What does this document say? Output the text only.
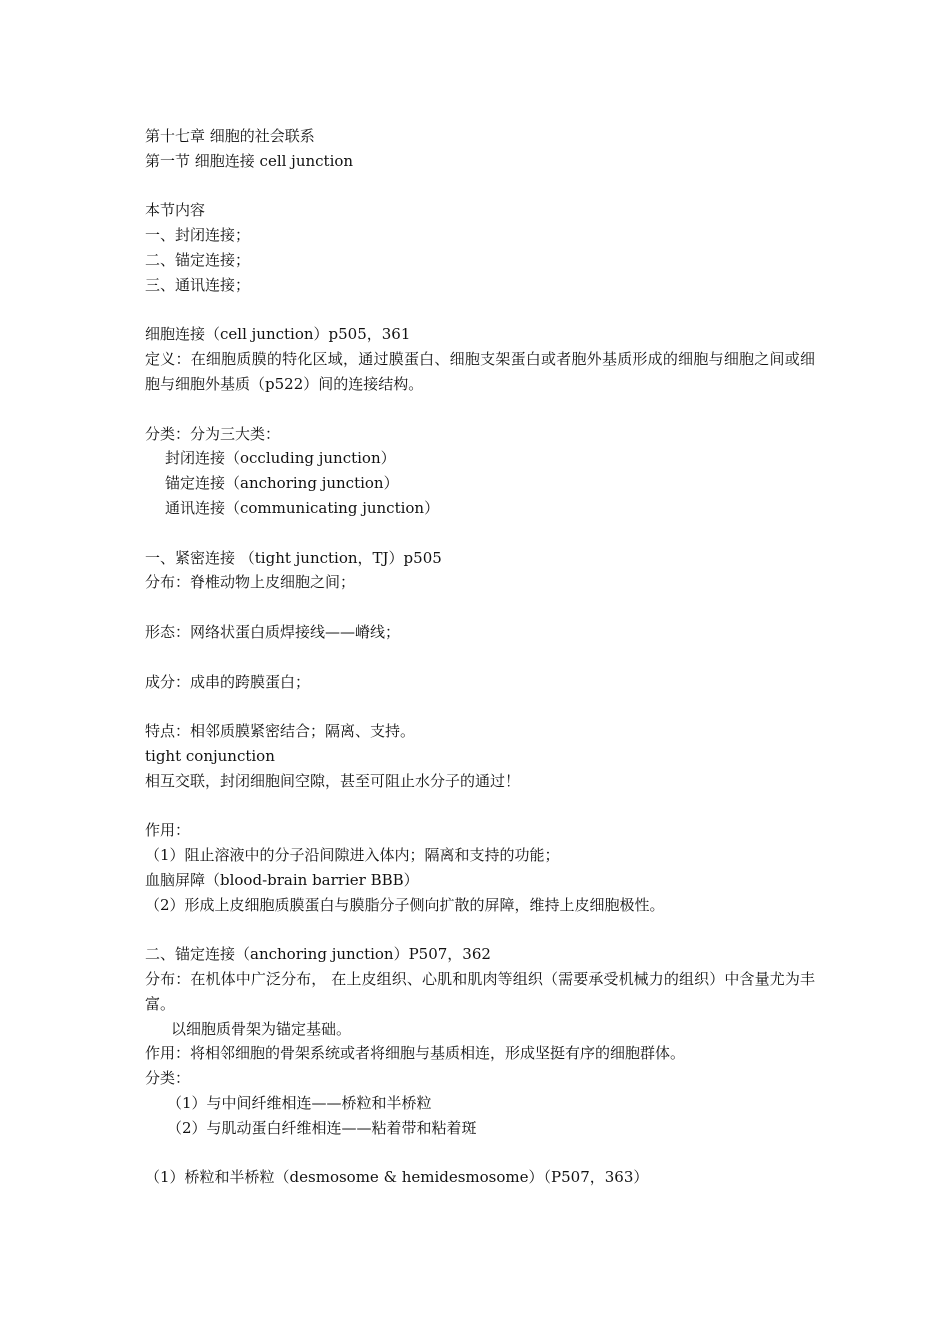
第十七章 细胞的社会联系
第一节 细胞连接 cell junction
本节内容
一、封闭连接；
二、锚定连接；
三、通讯连接；
细胞连接（cell junction）p505，361
定义：在细胞质膜的特化区域，通过膜蛋白、细胞支架蛋白或者胞外基质形成的细胞与细胞之间或细胞与细胞外基质（p522）间的连接结构。
分类：分为三大类：
封闭连接（occluding junction）
锚定连接（anchoring junction）
通讯连接（communicating junction）
一、紧密连接 （tight junction，TJ）p505
分布：脊椎动物上皮细胞之间；
形态：网络状蛋白质焊接线——嵴线；
成分：成串的跨膜蛋白；
特点：相邻质膜紧密结合；隔离、支持。
tight conjunction
相互交联，封闭细胞间空隙，甚至可阻止水分子的通过！
作用：
（1）阻止溶液中的分子沿间隙进入体内；隔离和支持的功能；
血脑屏障（blood-brain barrier BBB）
（2）形成上皮细胞质膜蛋白与膜脂分子侧向扩散的屏障，维持上皮细胞极性。
二、锚定连接（anchoring junction）P507，362
分布：在机体中广泛分布， 在上皮组织、心肌和肌肉等组织（需要承受机械力的组织）中含量尤为丰富。
以细胞质骨架为锚定基础。
作用：将相邻细胞的骨架系统或者将细胞与基质相连，形成坚挺有序的细胞群体。
分类：
（1）与中间纤维相连——桥粒和半桥粒
（2）与肌动蛋白纤维相连——粘着带和粘着斑
（1）桥粒和半桥粒（desmosome & hemidesmosome）（P507，363）
